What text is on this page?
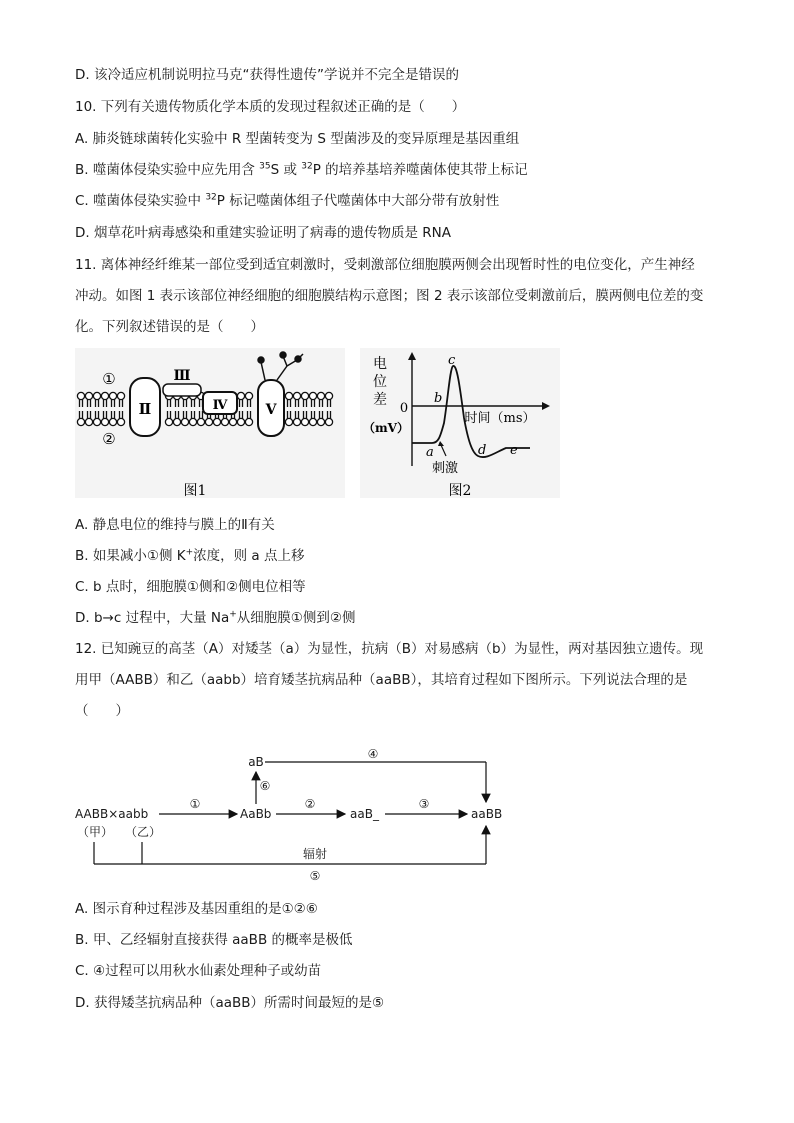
D. 该冷适应机制说明拉马克“获得性遗传”学说并不完全是错误的
10. 下列有关遗传物质化学本质的发现过程叙述正确的是（　　）
A. 肺炎链球菌转化实验中 R 型菌转变为 S 型菌涉及的变异原理是基因重组
B. 噬菌体侵染实验中应先用含 $^{35}$S 或 $^{32}$P 的培养基培养噬菌体使其带上标记
C. 噬菌体侵染实验中 $^{32}$P 标记噬菌体组子代噬菌体中大部分带有放射性
D. 烟草花叶病毒感染和重建实验证明了病毒的遗传物质是 RNA
11. 离体神经纤维某一部位受到适宜刺激时，受刺激部位细胞膜两侧会出现暂时性的电位变化，产生神经
冲动。如图 1 表示该部位神经细胞的细胞膜结构示意图；图 2 表示该部位受刺激前后，膜两侧电位差的变
化。下列叙述错误的是（　　）
Ⅱ
Ⅲ
Ⅳ	Ⅴ
①
②
图1
电
位
差
0
（mV）
时间（ms）
a
b
c
d e
刺激
图2
A. 静息电位的维持与膜上的Ⅱ有关
B. 如果减小①侧 K+浓度，则 a 点上移
C. b 点时，细胞膜①侧和②侧电位相等
D. b→c 过程中，大量 Na+从细胞膜①侧到②侧
12. 已知豌豆的高茎（A）对矮茎（a）为显性，抗病（B）对易感病（b）为显性，两对基因独立遗传。现
用甲（AABB）和乙（aabb）培育矮茎抗病品种（aaBB），其培育过程如下图所示。下列说法合理的是
（　　）
④
aB
⑥
AABB×aabb
（甲） （乙）
①
AaBb
②
aaB_
③
aaBB
辐射
⑤
A. 图示育种过程涉及基因重组的是①②⑥
B. 甲、乙经辐射直接获得 aaBB 的概率是极低
C. ④过程可以用秋水仙素处理种子或幼苗
D. 获得矮茎抗病品种（aaBB）所需时间最短的是⑤
